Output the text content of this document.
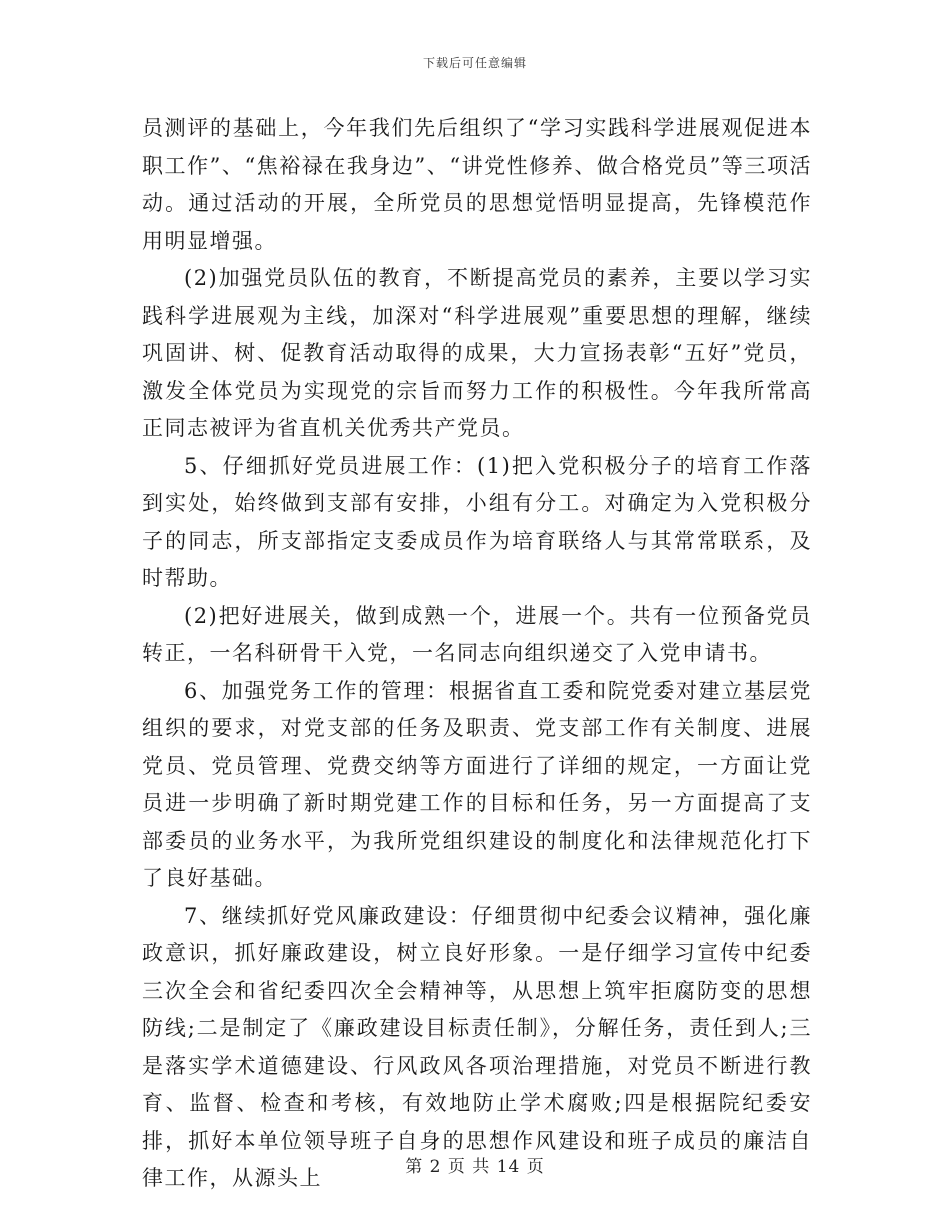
下载后可任意编辑

员测评的基础上，今年我们先后组织了“学习实践科学进展观促进本职工作”、“焦裕禄在我身边”、“讲党性修养、做合格党员”等三项活动。通过活动的开展，全所党员的思想觉悟明显提高，先锋模范作用明显增强。

(2)加强党员队伍的教育，不断提高党员的素养，主要以学习实践科学进展观为主线，加深对“科学进展观”重要思想的理解，继续巩固讲、树、促教育活动取得的成果，大力宣扬表彰“五好”党员，激发全体党员为实现党的宗旨而努力工作的积极性。今年我所常高正同志被评为省直机关优秀共产党员。

5、仔细抓好党员进展工作：(1)把入党积极分子的培育工作落到实处，始终做到支部有安排，小组有分工。对确定为入党积极分子的同志，所支部指定支委成员作为培育联络人与其常常联系，及时帮助。

(2)把好进展关，做到成熟一个，进展一个。共有一位预备党员转正，一名科研骨干入党，一名同志向组织递交了入党申请书。

6、加强党务工作的管理：根据省直工委和院党委对建立基层党组织的要求，对党支部的任务及职责、党支部工作有关制度、进展党员、党员管理、党费交纳等方面进行了详细的规定，一方面让党员进一步明确了新时期党建工作的目标和任务，另一方面提高了支部委员的业务水平，为我所党组织建设的制度化和法律规范化打下了良好基础。

7、继续抓好党风廉政建设：仔细贯彻中纪委会议精神，强化廉政意识，抓好廉政建设，树立良好形象。一是仔细学习宣传中纪委三次全会和省纪委四次全会精神等，从思想上筑牢拒腐防变的思想防线;二是制定了《廉政建设目标责任制》，分解任务，责任到人;三是落实学术道德建设、行风政风各项治理措施，对党员不断进行教育、监督、检查和考核，有效地防止学术腐败;四是根据院纪委安排，抓好本单位领导班子自身的思想作风建设和班子成员的廉洁自律工作，从源头上	第 2 页 共 14 页
